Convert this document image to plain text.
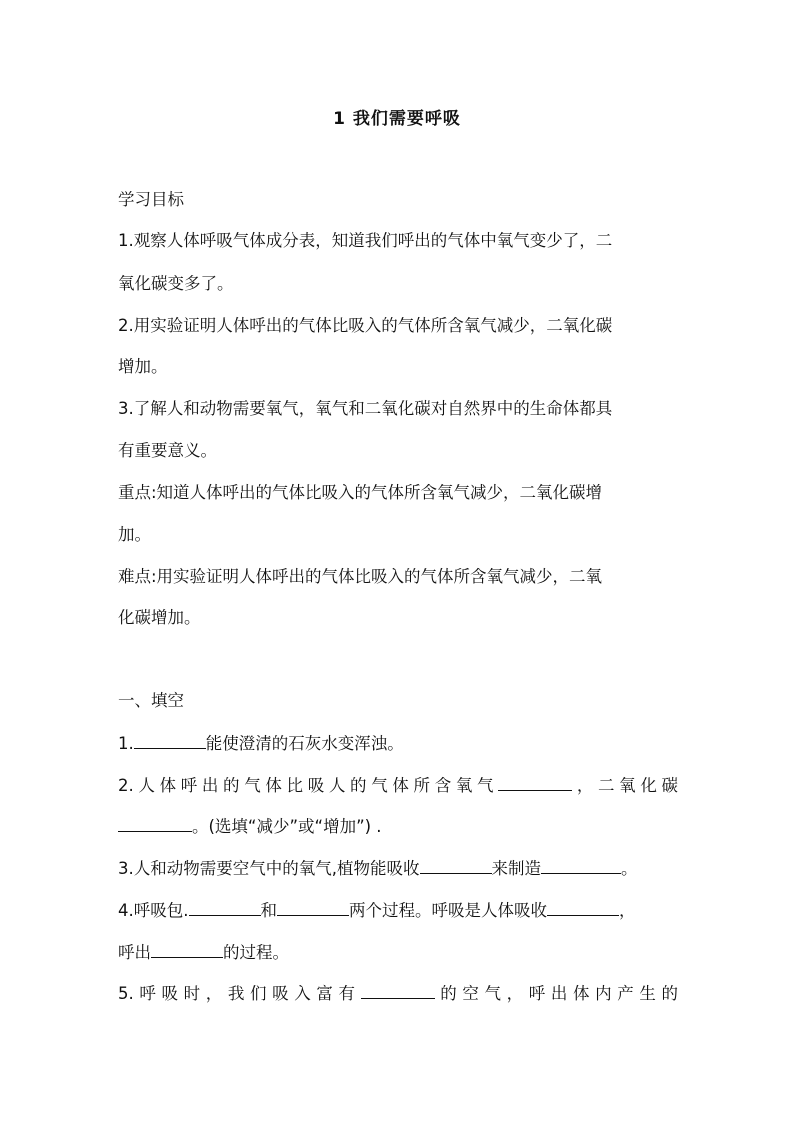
1 我们需要呼吸
学习目标
1.观察人体呼吸气体成分表，知道我们呼出的气体中氧气变少了，二
氧化碳变多了。
2.用实验证明人体呼出的气体比吸入的气体所含氧气减少，二氧化碳
增加。
3.了解人和动物需要氧气，氧气和二氧化碳对自然界中的生命体都具
有重要意义。
重点:知道人体呼出的气体比吸入的气体所含氧气减少，二氧化碳增
加。
难点:用实验证明人体呼出的气体比吸入的气体所含氧气减少，二氧
化碳增加。
一、填空
1.	能使澄清的石灰水变浑浊。
2.人体呼出的气体比吸人的气体所含氧气	，二氧化碳
。(选填“减少”或“增加”) .
3.人和动物需要空气中的氧气,植物能吸收	来制造	。
4.呼吸包.	和	两个过程。呼吸是人体吸收	，
呼出	的过程。
5.呼吸时，我们吸入富有	的空气，呼出体内产生的
